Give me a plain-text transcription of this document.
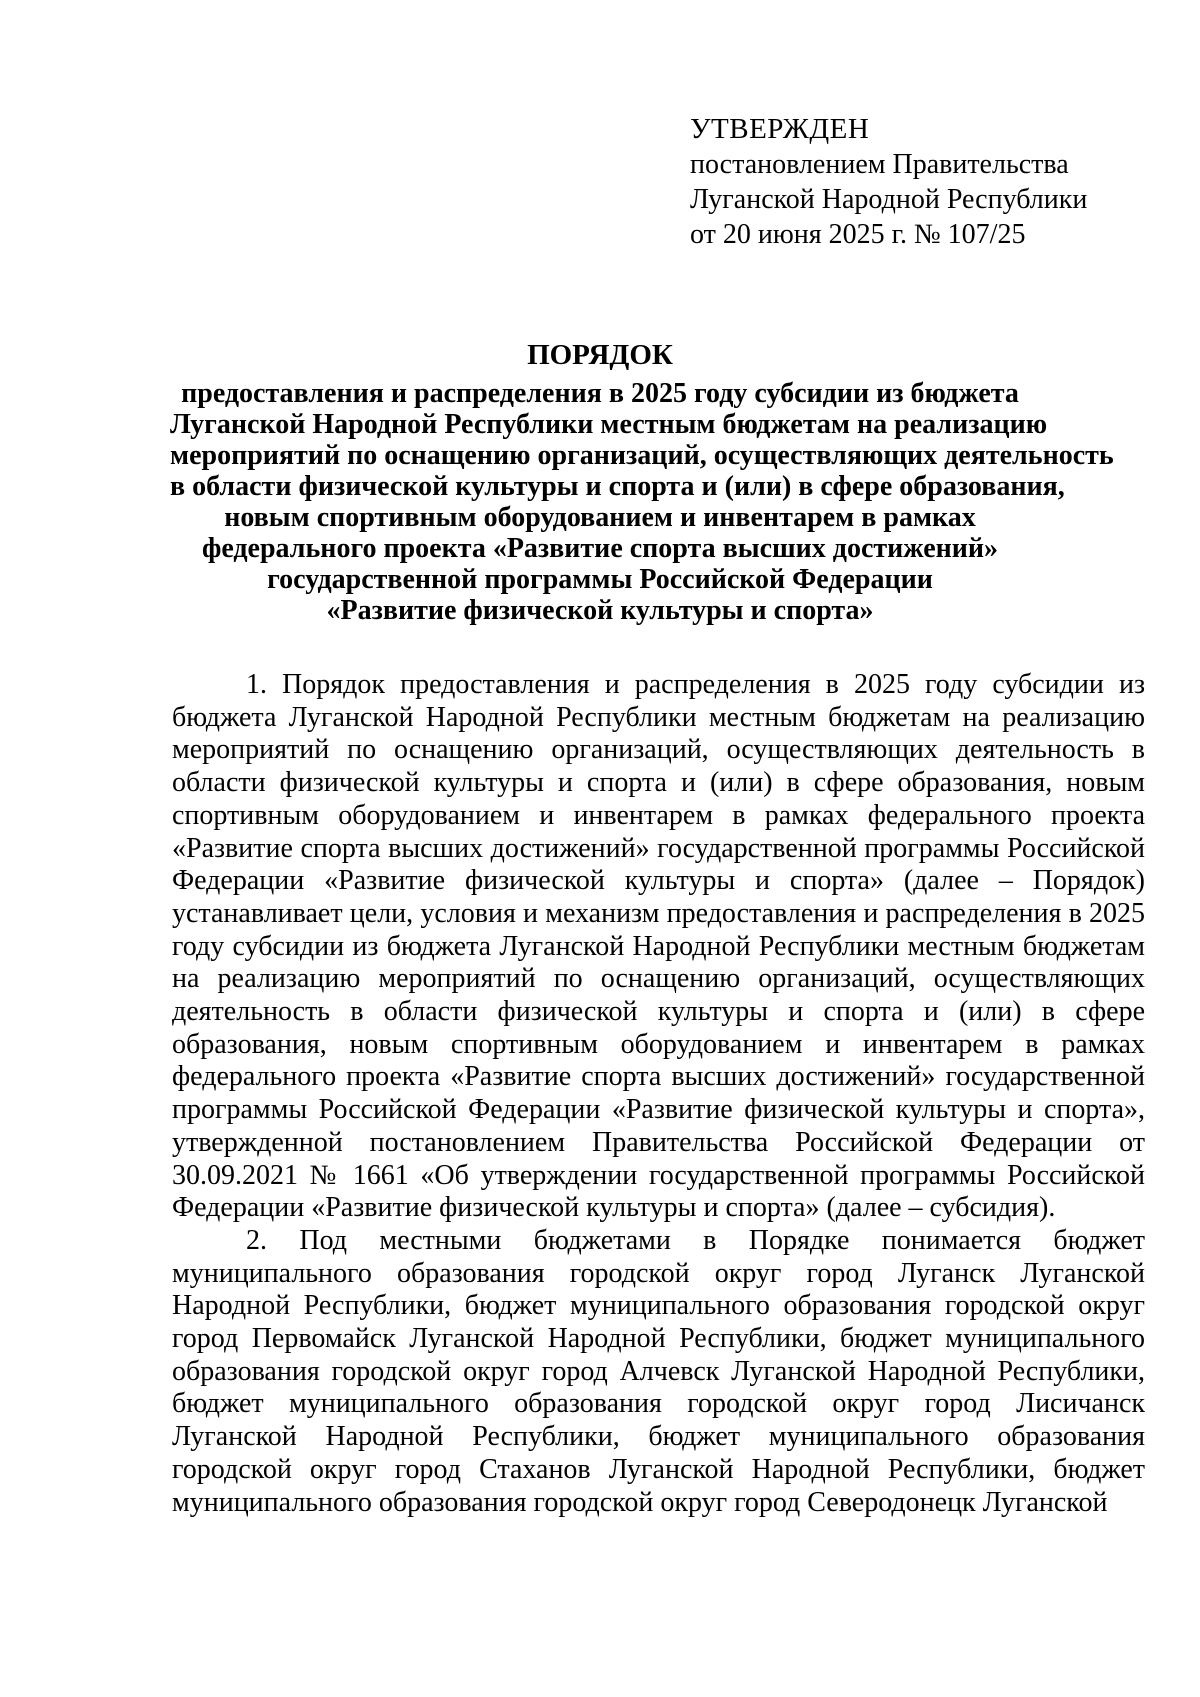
УТВЕРЖДЕН
постановлением Правительства
Луганской Народной Республики
от 20 июня 2025 г. № 107/25
ПОРЯДОК
предоставления и распределения в 2025 году субсидии из бюджета
Луганской Народной Республики местным бюджетам на реализацию
мероприятий по оснащению организаций, осуществляющих деятельность
в области физической культуры и спорта и (или) в сфере образования,
новым спортивным оборудованием и инвентарем в рамках
федерального проекта «Развитие спорта высших достижений»
государственной программы Российской Федерации
«Развитие физической культуры и спорта»

1. Порядок предоставления и распределения в 2025 году субсидии из бюджета Луганской Народной Республики местным бюджетам на реализацию мероприятий по оснащению организаций, осуществляющих деятельность в области физической культуры и спорта и (или) в сфере образования, новым спортивным оборудованием и инвентарем в рамках федерального проекта «Развитие спорта высших достижений» государственной программы Российской Федерации «Развитие физической культуры и спорта» (далее – Порядок) устанавливает цели, условия и механизм предоставления и распределения в 2025 году субсидии из бюджета Луганской Народной Республики местным бюджетам на реализацию мероприятий по оснащению организаций, осуществляющих деятельность в области физической культуры и спорта и (или) в сфере образования, новым спортивным оборудованием и инвентарем в рамках федерального проекта «Развитие спорта высших достижений» государственной программы Российской Федерации «Развитие физической культуры и спорта», утвержденной постановлением Правительства Российской Федерации от 30.09.2021 № 1661 «Об утверждении государственной программы Российской Федерации «Развитие физической культуры и спорта» (далее – субсидия).

2. Под местными бюджетами в Порядке понимается бюджет муниципального образования городской округ город Луганск Луганской Народной Республики, бюджет муниципального образования городской округ город Первомайск Луганской Народной Республики, бюджет муниципального образования городской округ город Алчевск Луганской Народной Республики, бюджет муниципального образования городской округ город Лисичанск Луганской Народной Республики, бюджет муниципального образования городской округ город Стаханов Луганской Народной Республики, бюджет муниципального образования городской округ город Северодонецк Луганской
